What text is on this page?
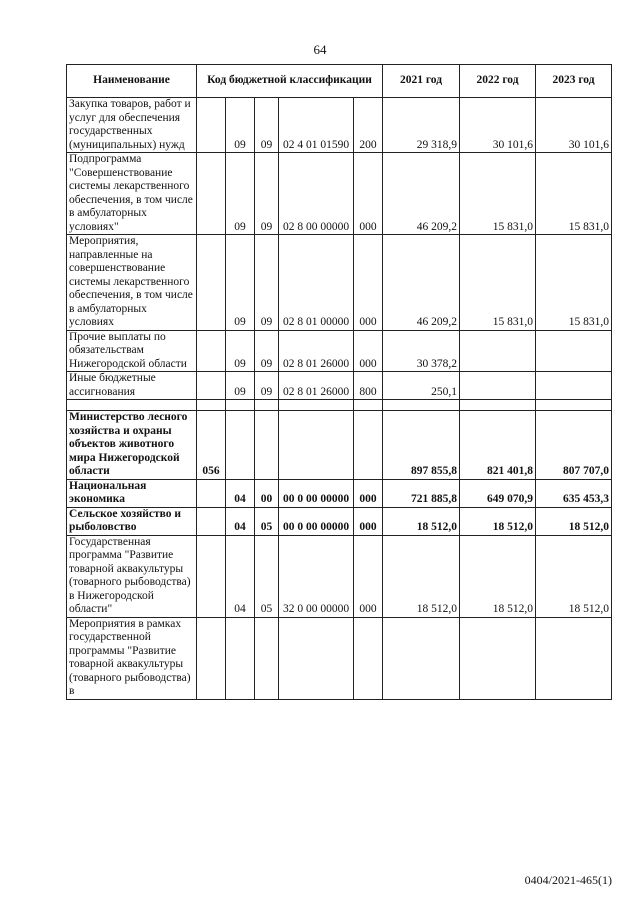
64
Наименование	Код бюджетной классификации					2021 год	2022 год	2023 год
Закупка товаров, работ и услуг для обеспечения государственных (муниципальных) нужд		09	09	02 4 01 01590	200	29 318,9	30 101,6	30 101,6
Подпрограмма "Совершенствование системы лекарственного обеспечения, в том числе в амбулаторных условиях"		09	09	02 8 00 00000	000	46 209,2	15 831,0	15 831,0
Мероприятия, направленные на совершенствование системы лекарственного обеспечения, в том числе в амбулаторных условиях		09	09	02 8 01 00000	000	46 209,2	15 831,0	15 831,0
Прочие выплаты по обязательствам Нижегородской области		09	09	02 8 01 26000	000	30 378,2		
Иные бюджетные ассигнования		09	09	02 8 01 26000	800	250,1		

Министерство лесного хозяйства и охраны объектов животного мира Нижегородской области	056					897 855,8	821 401,8	807 707,0
Национальная экономика		04	00	00 0 00 00000	000	721 885,8	649 070,9	635 453,3
Сельское хозяйство и рыболовство		04	05	00 0 00 00000	000	18 512,0	18 512,0	18 512,0
Государственная программа "Развитие товарной аквакультуры (товарного рыбоводства) в Нижегородской области"		04	05	32 0 00 00000	000	18 512,0	18 512,0	18 512,0
Мероприятия в рамках государственной программы "Развитие товарной аквакультуры (товарного рыбоводства) в								
0404/2021-465(1)
